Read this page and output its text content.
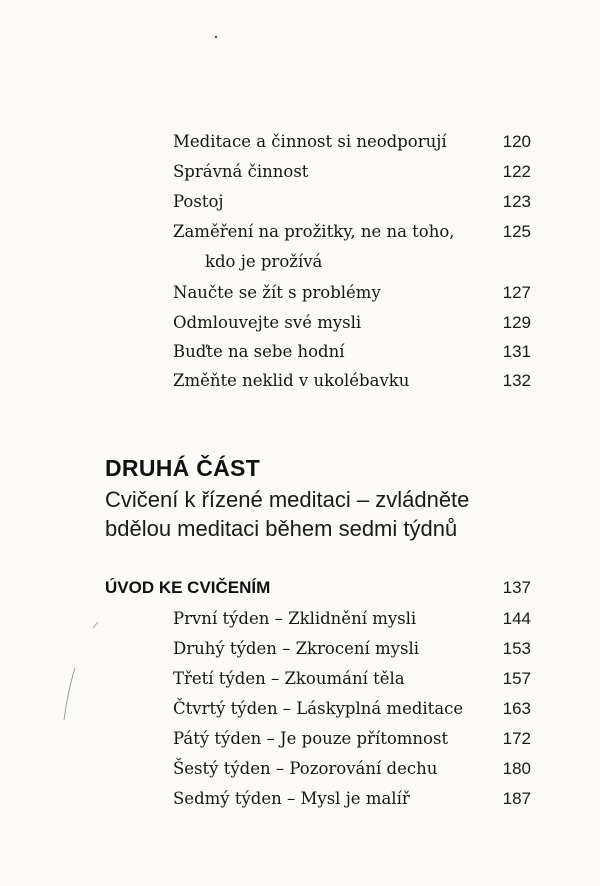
Meditace a činnost si neodporují	120
Správná činnost	122
Postoj	123
Zaměření na prožitky, ne na toho,	125
kdo je prožívá
Naučte se žít s problémy	127
Odmlouvejte své mysli	129
Buďte na sebe hodní	131
Změňte neklid v ukolébavku	132
DRUHÁ ČÁST
Cvičení k řízené meditaci – zvládněte
bdělou meditaci během sedmi týdnů
ÚVOD KE CVIČENÍM	137
První týden – Zklidnění mysli	144
Druhý týden – Zkrocení mysli	153
Třetí týden – Zkoumání těla	157
Čtvrtý týden – Láskyplná meditace 163
Pátý týden – Je pouze přítomnost	172
Šestý týden – Pozorování dechu	180
Sedmý týden – Mysl je malíř	187
